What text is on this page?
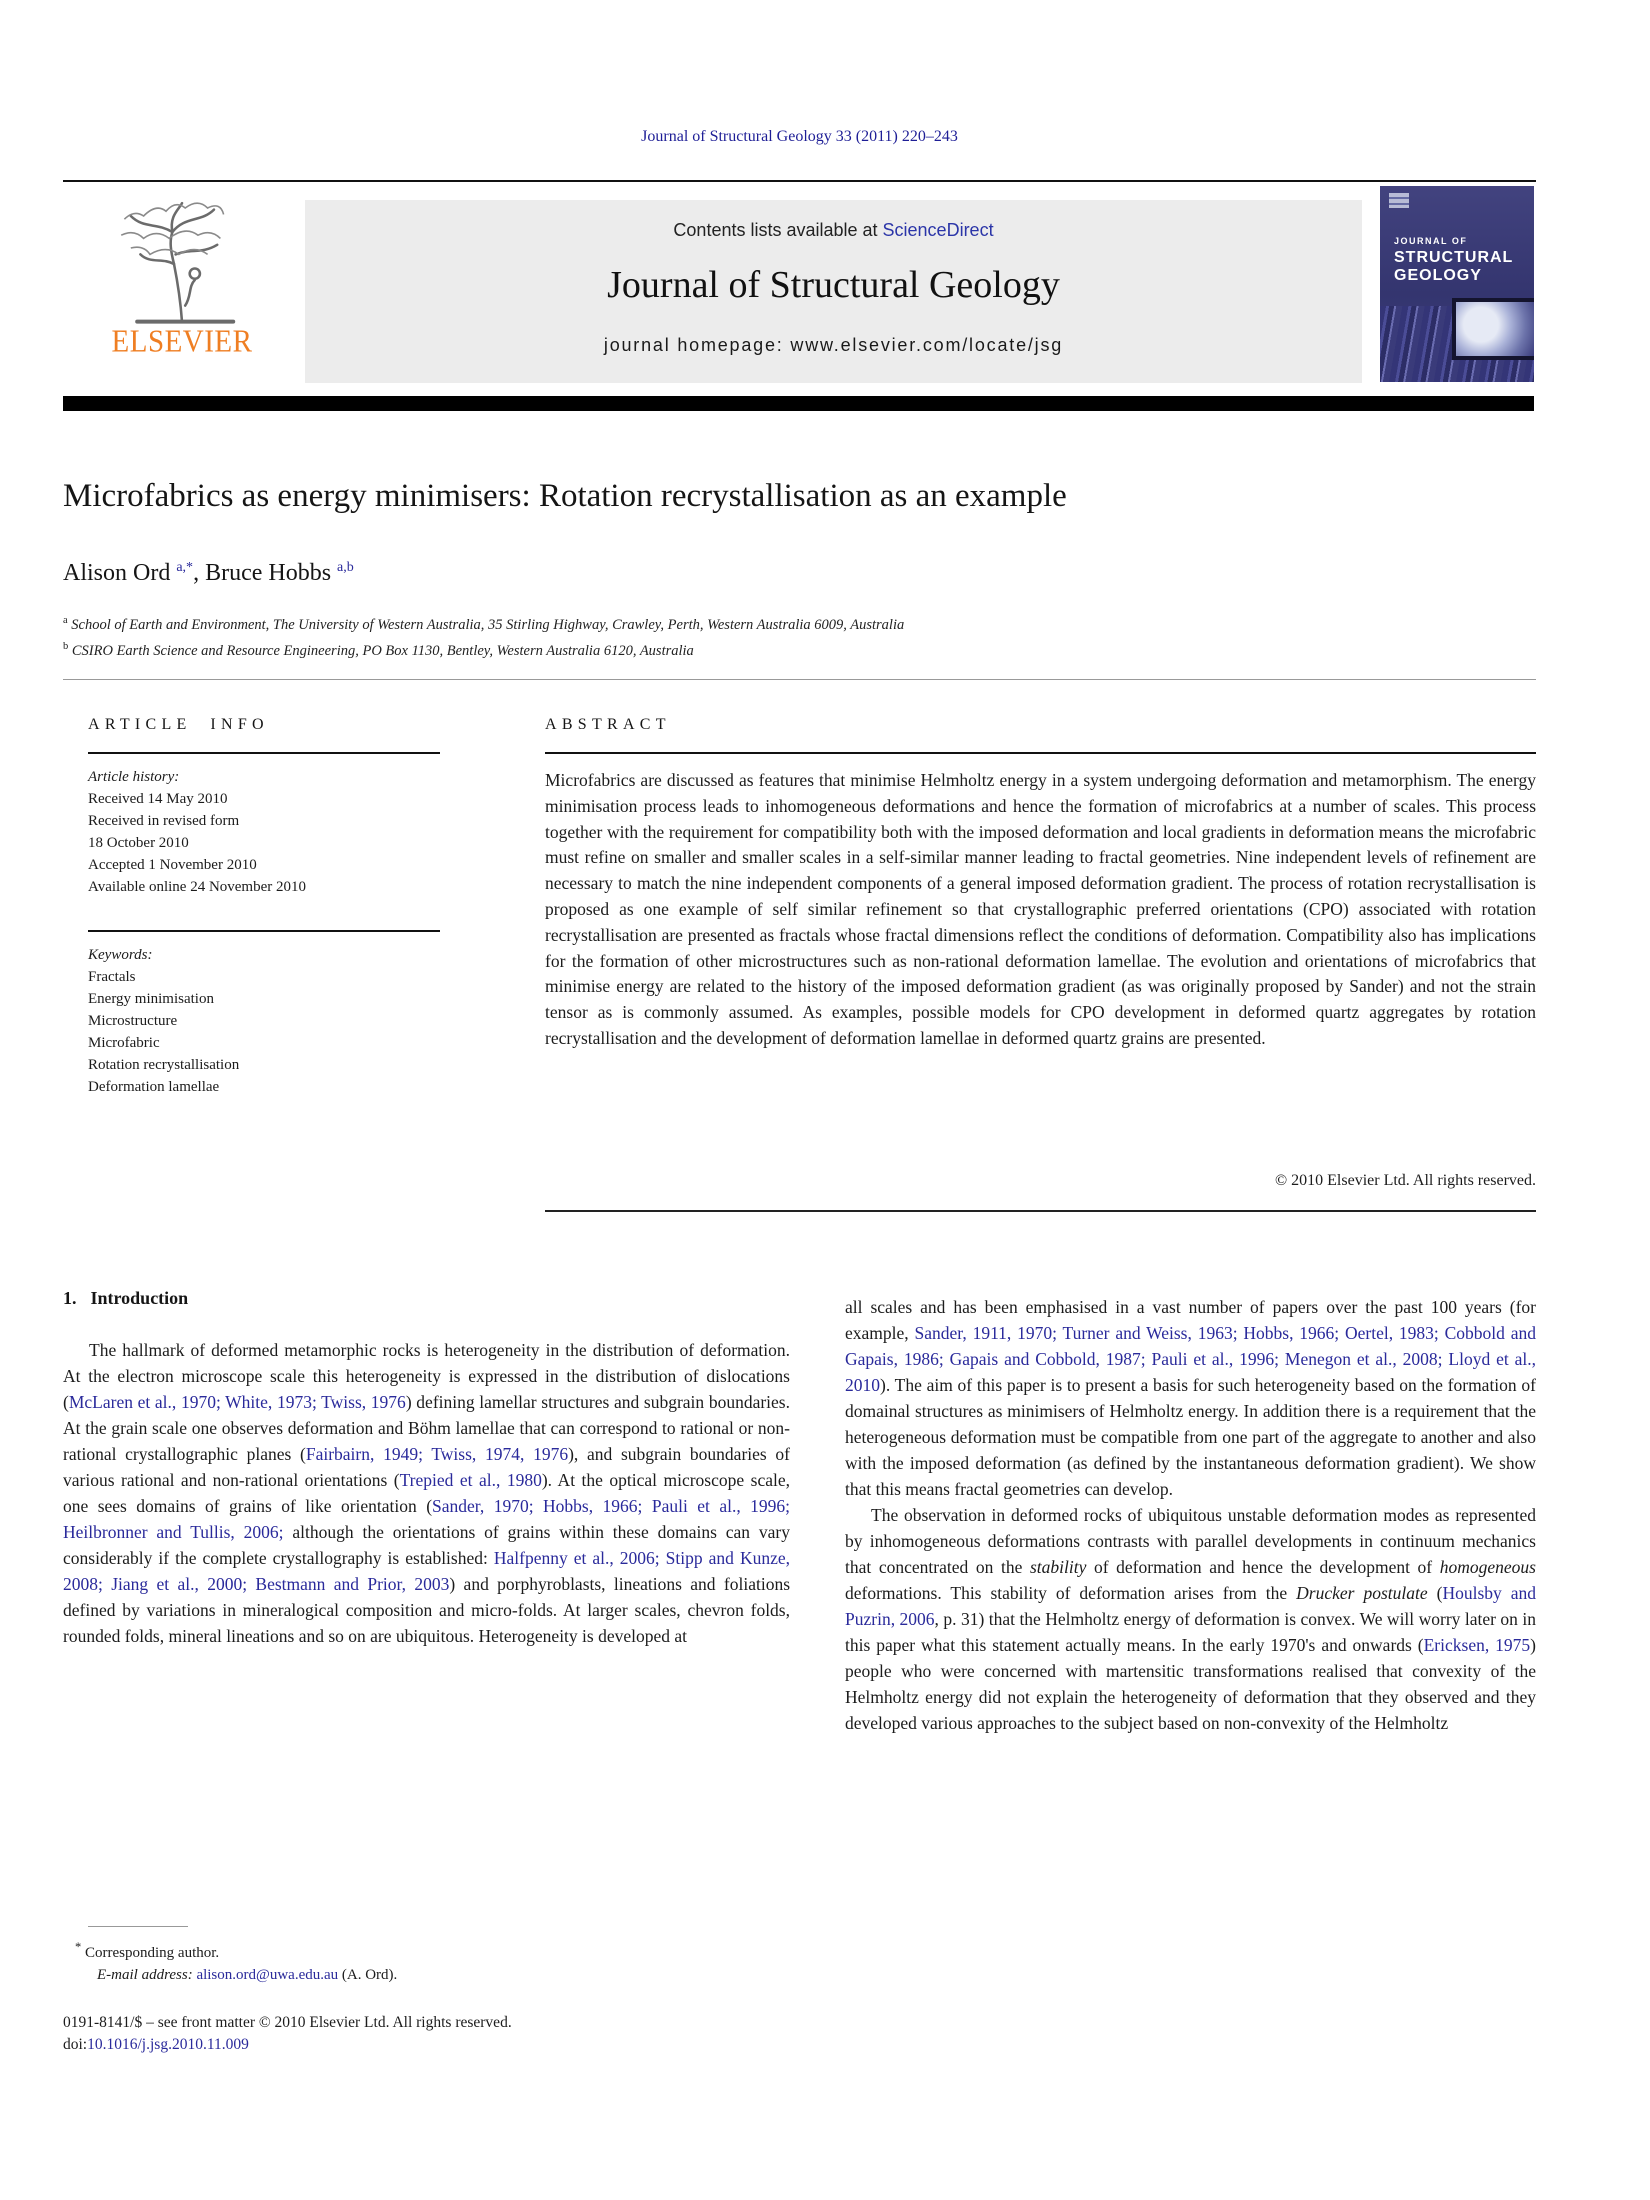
Journal of Structural Geology 33 (2011) 220–243
ELSEVIER
Contents lists available at ScienceDirect
Journal of Structural Geology
journal homepage: www.elsevier.com/locate/jsg
JOURNAL OF
STRUCTURAL
GEOLOGY
Microfabrics as energy minimisers: Rotation recrystallisation as an example
Alison Ord $^{a,*}$, Bruce Hobbs $^{a,b}$
$^a$ School of Earth and Environment, The University of Western Australia, 35 Stirling Highway, Crawley, Perth, Western Australia 6009, Australia
$^b$ CSIRO Earth Science and Resource Engineering, PO Box 1130, Bentley, Western Australia 6120, Australia
ARTICLE INFO
Article history:
Received 14 May 2010
Received in revised form
18 October 2010
Accepted 1 November 2010
Available online 24 November 2010
Keywords:
Fractals
Energy minimisation
Microstructure
Microfabric
Rotation recrystallisation
Deformation lamellae
ABSTRACT
Microfabrics are discussed as features that minimise Helmholtz energy in a system undergoing deformation and metamorphism. The energy minimisation process leads to inhomogeneous deformations and hence the formation of microfabrics at a number of scales. This process together with the requirement for compatibility both with the imposed deformation and local gradients in deformation means the microfabric must refine on smaller and smaller scales in a self-similar manner leading to fractal geometries. Nine independent levels of refinement are necessary to match the nine independent components of a general imposed deformation gradient. The process of rotation recrystallisation is proposed as one example of self similar refinement so that crystallographic preferred orientations (CPO) associated with rotation recrystallisation are presented as fractals whose fractal dimensions reflect the conditions of deformation. Compatibility also has implications for the formation of other microstructures such as non-rational deformation lamellae. The evolution and orientations of microfabrics that minimise energy are related to the history of the imposed deformation gradient (as was originally proposed by Sander) and not the strain tensor as is commonly assumed. As examples, possible models for CPO development in deformed quartz aggregates by rotation recrystallisation and the development of deformation lamellae in deformed quartz grains are presented.
© 2010 Elsevier Ltd. All rights reserved.
1. Introduction

The hallmark of deformed metamorphic rocks is heterogeneity in the distribution of deformation. At the electron microscope scale this heterogeneity is expressed in the distribution of dislocations (McLaren et al., 1970; White, 1973; Twiss, 1976) defining lamellar structures and subgrain boundaries. At the grain scale one observes deformation and Böhm lamellae that can correspond to rational or non-rational crystallographic planes (Fairbairn, 1949; Twiss, 1974, 1976), and subgrain boundaries of various rational and non-rational orientations (Trepied et al., 1980). At the optical microscope scale, one sees domains of grains of like orientation (Sander, 1970; Hobbs, 1966; Pauli et al., 1996; Heilbronner and Tullis, 2006; although the orientations of grains within these domains can vary considerably if the complete crystallography is established: Halfpenny et al., 2006; Stipp and Kunze, 2008; Jiang et al., 2000; Bestmann and Prior, 2003) and porphyroblasts, lineations and foliations defined by variations in mineralogical composition and micro-folds. At larger scales, chevron folds, rounded folds, mineral lineations and so on are ubiquitous. Heterogeneity is developed at

all scales and has been emphasised in a vast number of papers over the past 100 years (for example, Sander, 1911, 1970; Turner and Weiss, 1963; Hobbs, 1966; Oertel, 1983; Cobbold and Gapais, 1986; Gapais and Cobbold, 1987; Pauli et al., 1996; Menegon et al., 2008; Lloyd et al., 2010). The aim of this paper is to present a basis for such heterogeneity based on the formation of domainal structures as minimisers of Helmholtz energy. In addition there is a requirement that the heterogeneous deformation must be compatible from one part of the aggregate to another and also with the imposed deformation (as defined by the instantaneous deformation gradient). We show that this means fractal geometries can develop.

The observation in deformed rocks of ubiquitous unstable deformation modes as represented by inhomogeneous deformations contrasts with parallel developments in continuum mechanics that concentrated on the stability of deformation and hence the development of homogeneous deformations. This stability of deformation arises from the Drucker postulate (Houlsby and Puzrin, 2006, p. 31) that the Helmholtz energy of deformation is convex. We will worry later on in this paper what this statement actually means. In the early 1970's and onwards (Ericksen, 1975) people who were concerned with martensitic transformations realised that convexity of the Helmholtz energy did not explain the heterogeneity of deformation that they observed and they developed various approaches to the subject based on non-convexity of the Helmholtz

* Corresponding author.
E-mail address: alison.ord@uwa.edu.au (A. Ord).
0191-8141/$ – see front matter © 2010 Elsevier Ltd. All rights reserved.
doi:10.1016/j.jsg.2010.11.009
